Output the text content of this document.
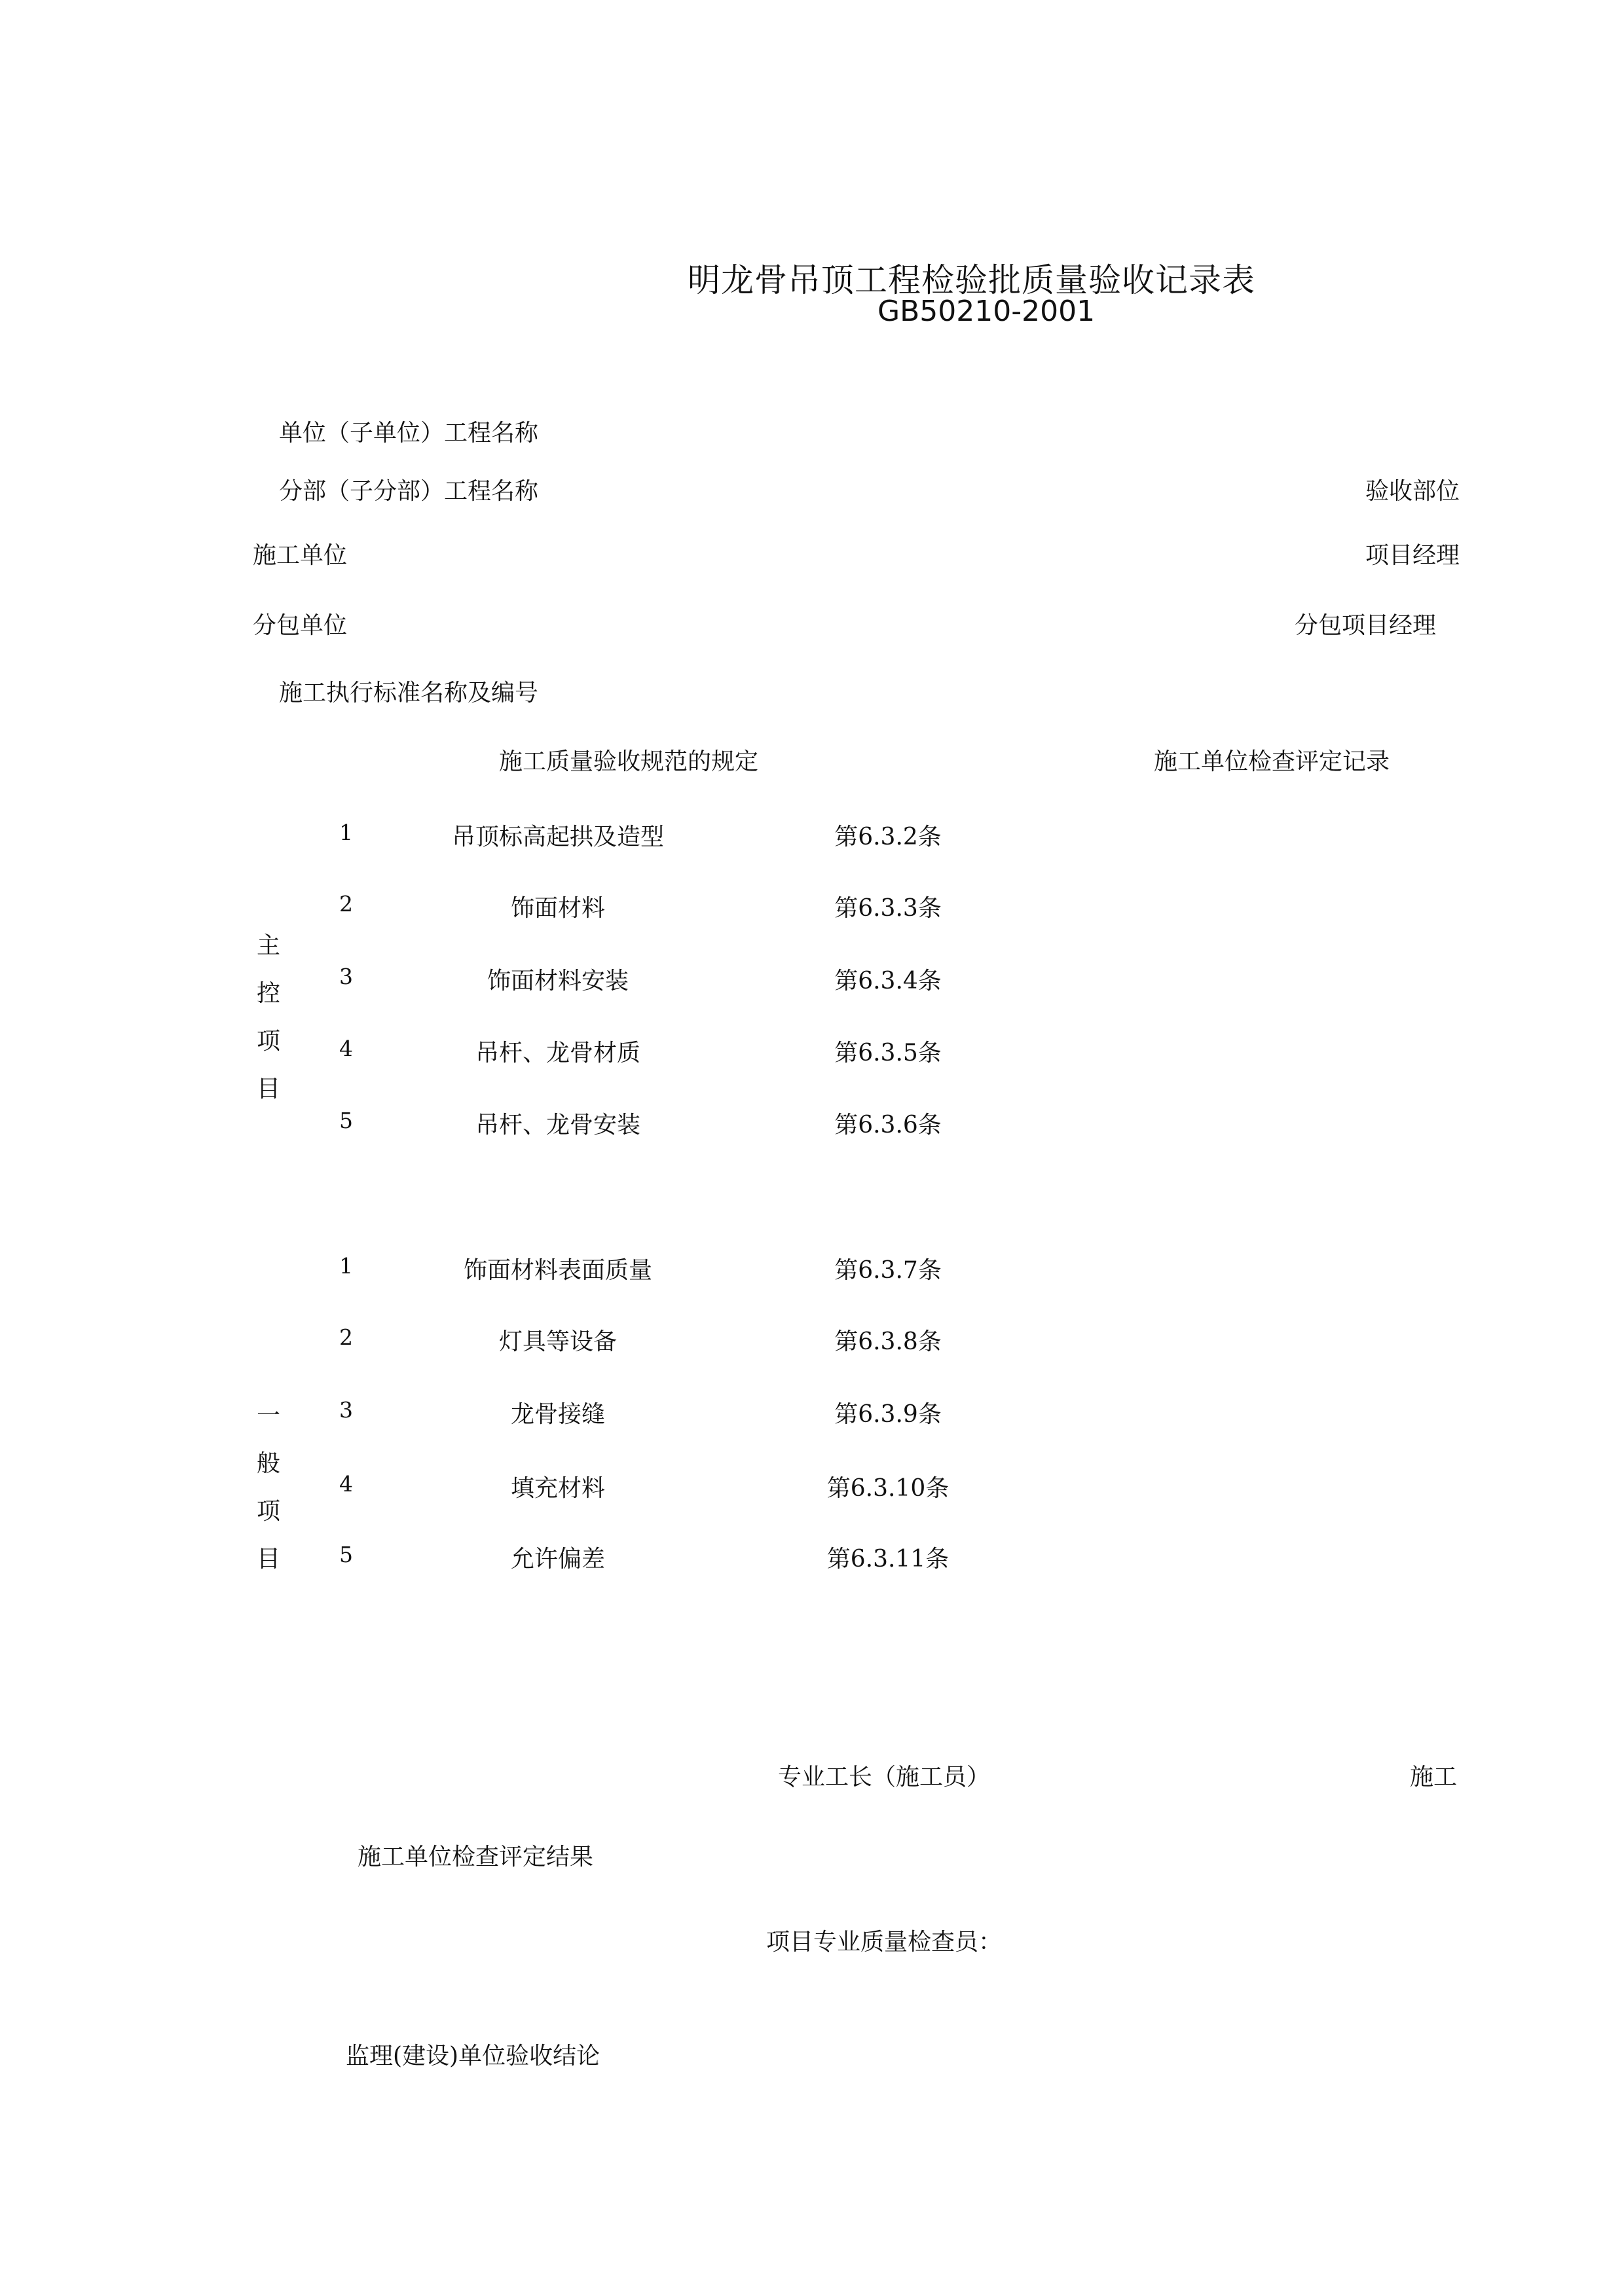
明龙骨吊顶工程检验批质量验收记录表
GB50210-2001
单位（子单位）工程名称
分部（子分部）工程名称	验收部位
施工单位	项目经理
分包单位	分包项目经理
施工执行标准名称及编号
施工质量验收规范的规定	施工单位检查评定记录
主
控
项
目
1	吊顶标高起拱及造型	第6.3.2条
2	饰面材料	第6.3.3条
3	饰面材料安装	第6.3.4条
4	吊杆、龙骨材质	第6.3.5条
5	吊杆、龙骨安装	第6.3.6条
一
般
项
目
1	饰面材料表面质量	第6.3.7条
2	灯具等设备	第6.3.8条
3	龙骨接缝	第6.3.9条
4	填充材料	第6.3.10条
5	允许偏差	第6.3.11条
专业工长（施工员）	施工
施工单位检查评定结果
项目专业质量检查员：
监理(建设)单位验收结论
